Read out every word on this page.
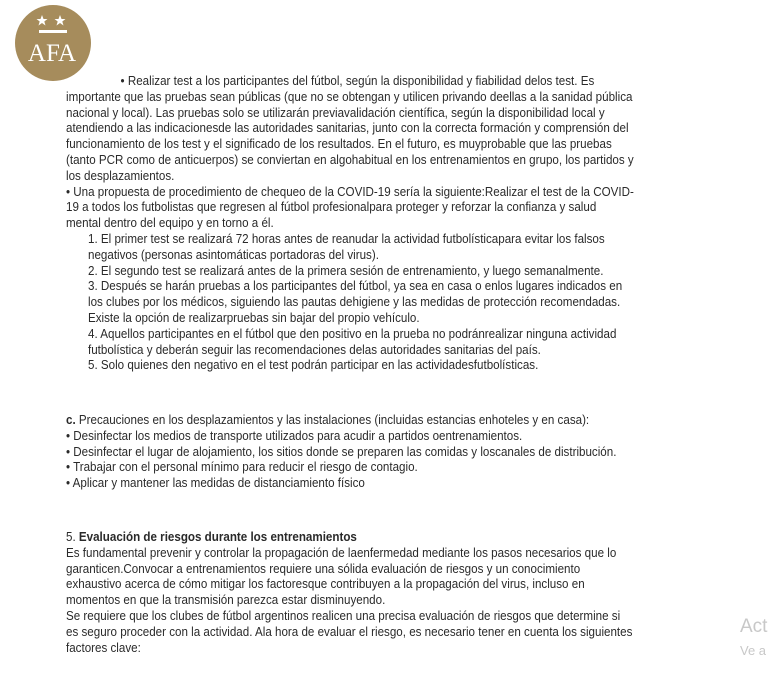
AFA
• Realizar test a los participantes del fútbol, según la disponibilidad y fiabilidad delos test. Es
importante que las pruebas sean públicas (que no se obtengan y utilicen privando deellas a la sanidad pública
nacional y local). Las pruebas solo se utilizarán previavalidación científica, según la disponibilidad local y
atendiendo a las indicacionesde las autoridades sanitarias, junto con la correcta formación y comprensión del
funcionamiento de los test y el significado de los resultados. En el futuro, es muyprobable que las pruebas
(tanto PCR como de anticuerpos) se conviertan en algohabitual en los entrenamientos en grupo, los partidos y
los desplazamientos.
• Una propuesta de procedimiento de chequeo de la COVID-19 sería la siguiente:Realizar el test de la COVID-
19 a todos los futbolistas que regresen al fútbol profesionalpara proteger y reforzar la confianza y salud
mental dentro del equipo y en torno a él.
1. El primer test se realizará 72 horas antes de reanudar la actividad futbolísticapara evitar los falsos
negativos (personas asintomáticas portadoras del virus).
2. El segundo test se realizará antes de la primera sesión de entrenamiento, y luego semanalmente.
3. Después se harán pruebas a los participantes del fútbol, ya sea en casa o enlos lugares indicados en
los clubes por los médicos, siguiendo las pautas dehigiene y las medidas de protección recomendadas.
Existe la opción de realizarpruebas sin bajar del propio vehículo.
4. Aquellos participantes en el fútbol que den positivo en la prueba no podránrealizar ninguna actividad
futbolística y deberán seguir las recomendaciones delas autoridades sanitarias del país.
5. Solo quienes den negativo en el test podrán participar en las actividadesfutbolísticas.
c. Precauciones en los desplazamientos y las instalaciones (incluidas estancias enhoteles y en casa):
• Desinfectar los medios de transporte utilizados para acudir a partidos oentrenamientos.
• Desinfectar el lugar de alojamiento, los sitios donde se preparen las comidas y loscanales de distribución.
• Trabajar con el personal mínimo para reducir el riesgo de contagio.
• Aplicar y mantener las medidas de distanciamiento físico
5. Evaluación de riesgos durante los entrenamientos
Es fundamental prevenir y controlar la propagación de laenfermedad mediante los pasos necesarios que lo
garanticen.Convocar a entrenamientos requiere una sólida evaluación de riesgos y un conocimiento
exhaustivo acerca de cómo mitigar los factoresque contribuyen a la propagación del virus, incluso en
momentos en que la transmisión parezca estar disminuyendo.
Se requiere que los clubes de fútbol argentinos realicen una precisa evaluación de riesgos que determine si
es seguro proceder con la actividad. Ala hora de evaluar el riesgo, es necesario tener en cuenta los siguientes
factores clave:
Act
Ve a
